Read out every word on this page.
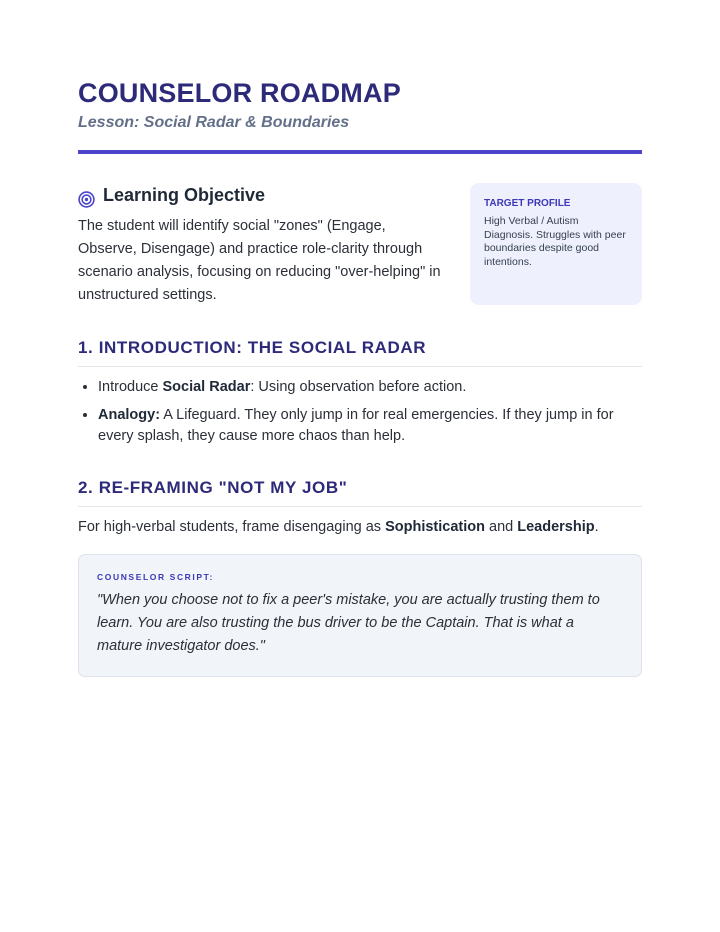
COUNSELOR ROADMAP

Lesson: Social Radar & Boundaries

Learning Objective

The student will identify social "zones" (Engage, Observe, Disengage) and practice role-clarity through scenario analysis, focusing on reducing "over-helping" in unstructured settings.

TARGET PROFILE

High Verbal / Autism Diagnosis. Struggles with peer boundaries despite good intentions.

1. INTRODUCTION: THE SOCIAL RADAR
• Introduce Social Radar: Using observation before action.
• Analogy: A Lifeguard. They only jump in for real emergencies. If they jump in for every splash, they cause more chaos than help.
2. RE-FRAMING "NOT MY JOB"

For high-verbal students, frame disengaging as Sophistication and Leadership.

COUNSELOR SCRIPT:

"When you choose not to fix a peer's mistake, you are actually trusting them to learn. You are also trusting the bus driver to be the Captain. That is what a mature investigator does."
